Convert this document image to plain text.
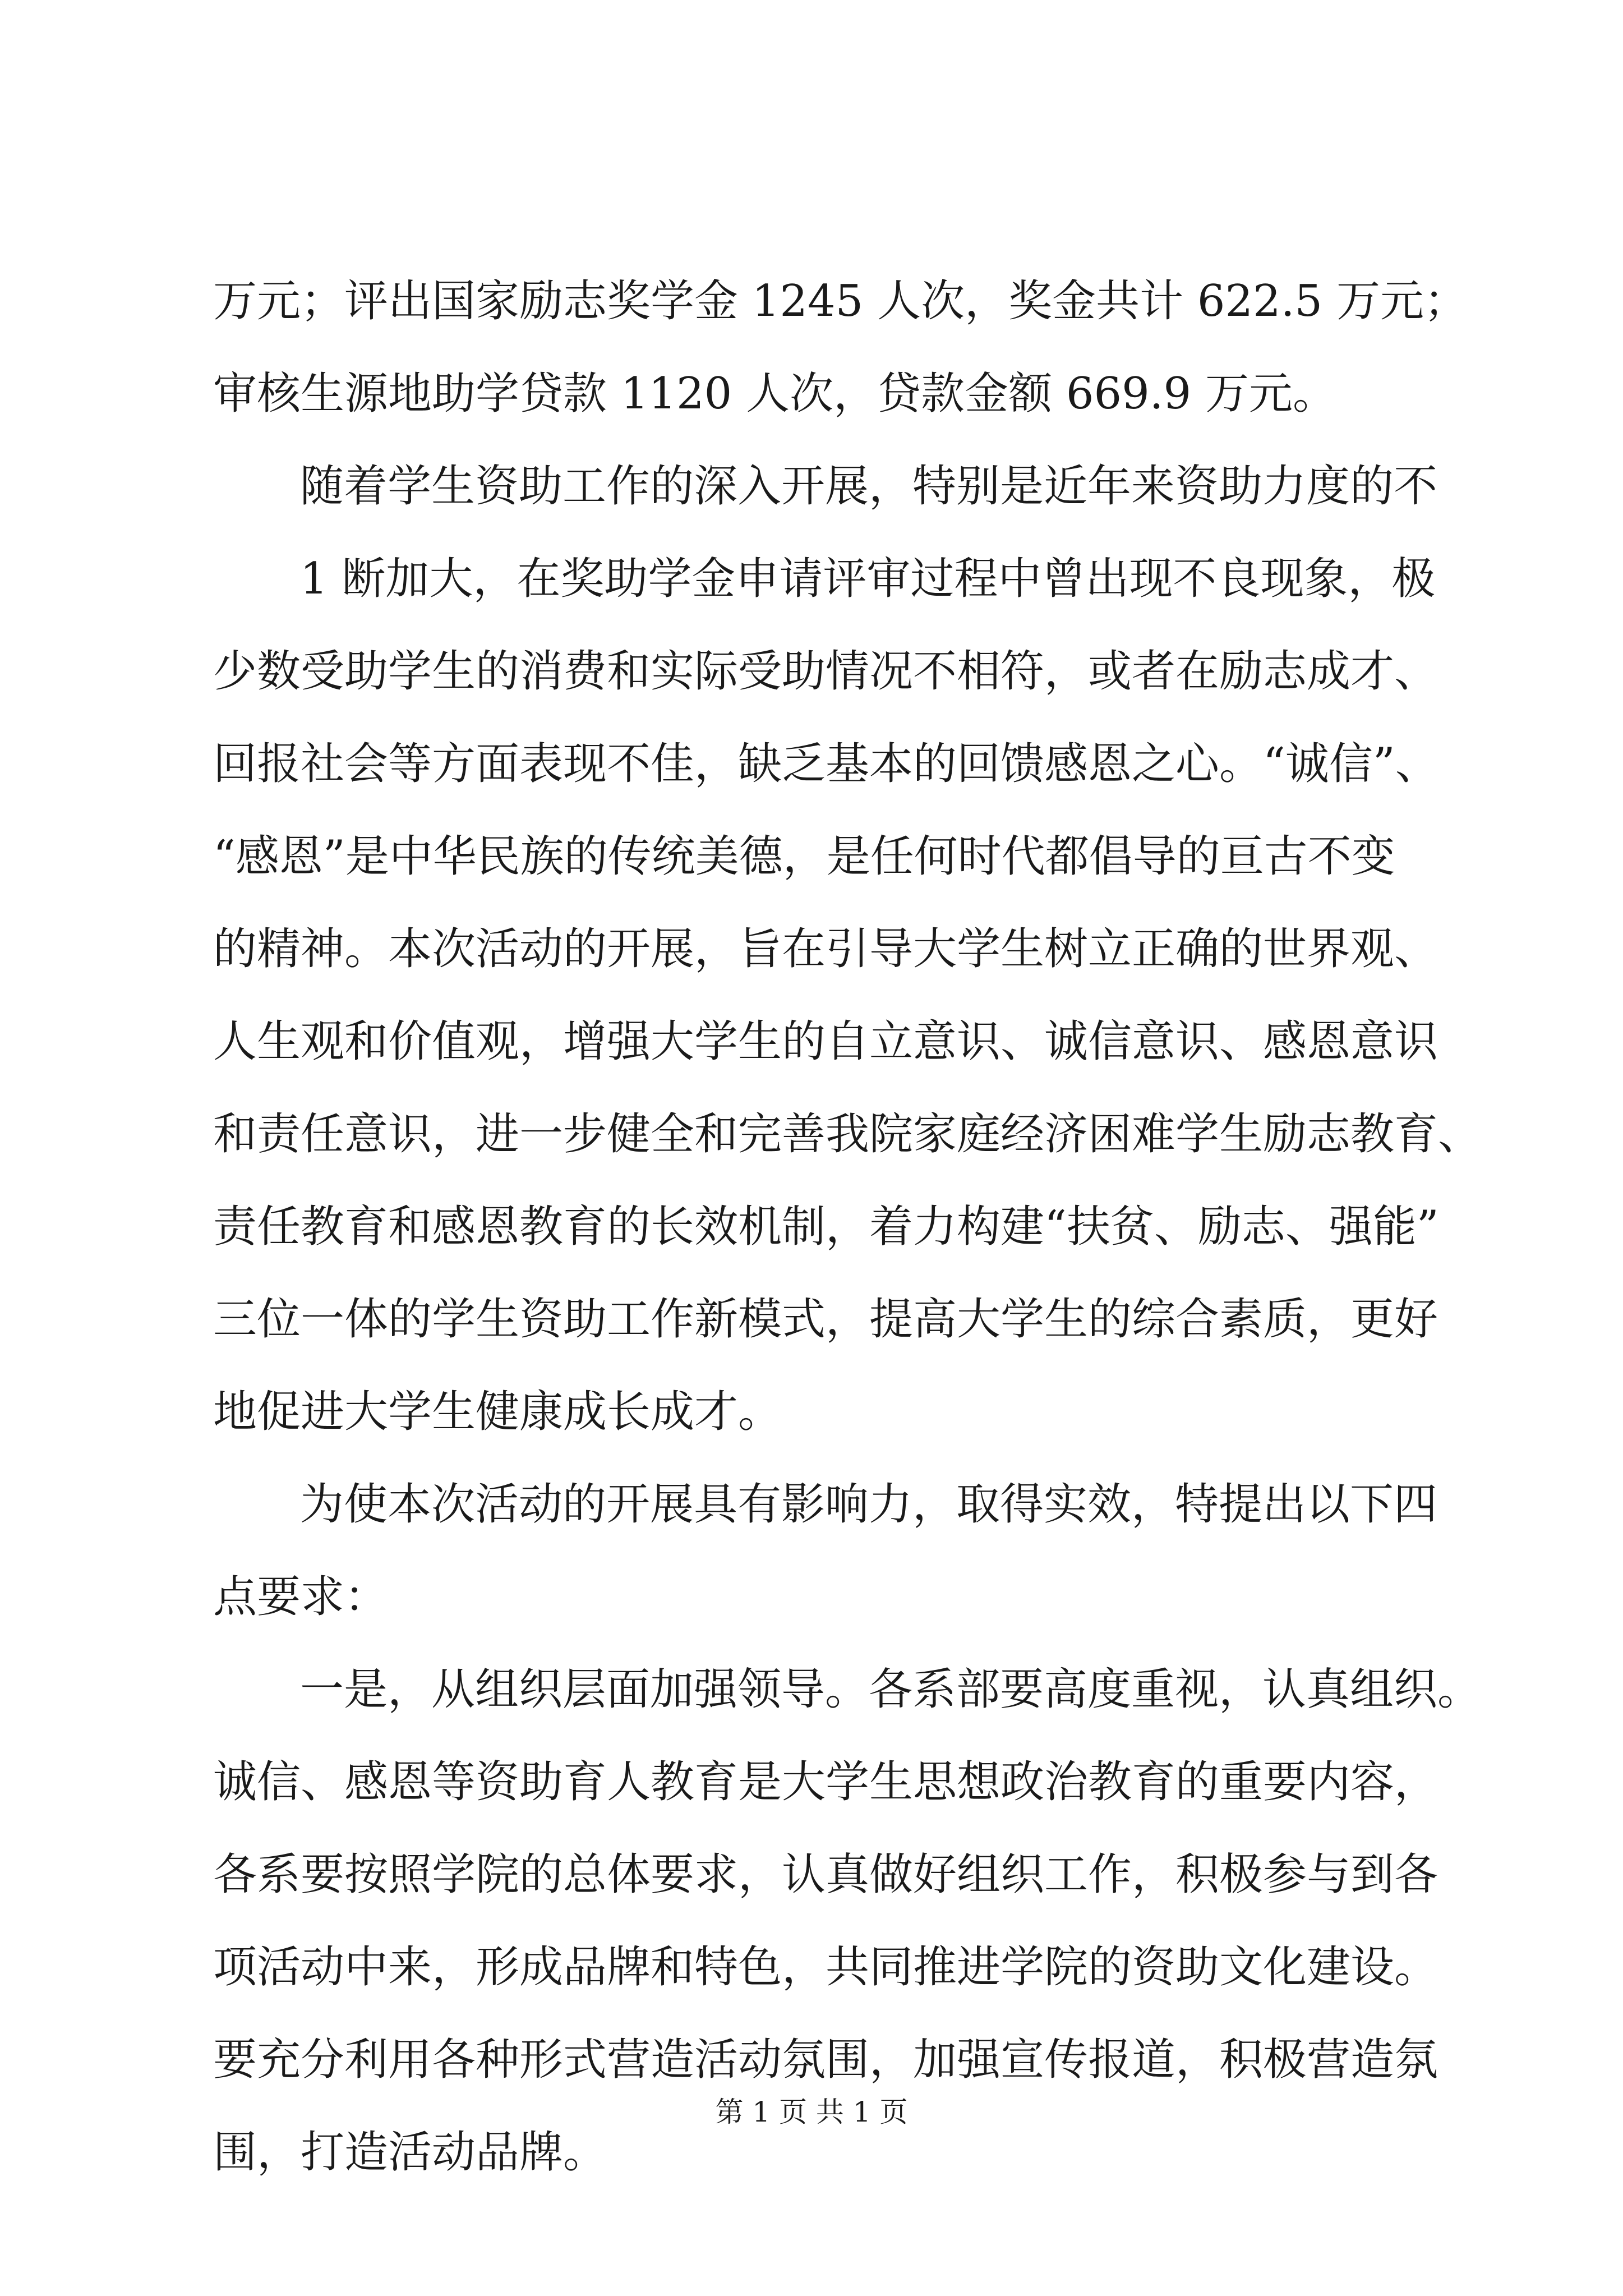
万元；评出国家励志奖学金 1245 人次，奖金共计 622.5 万元；
审核生源地助学贷款 1120 人次，贷款金额 669.9 万元。
随着学生资助工作的深入开展，特别是近年来资助力度的不
1 断加大，在奖助学金申请评审过程中曾出现不良现象，极
少数受助学生的消费和实际受助情况不相符，或者在励志成才、
回报社会等方面表现不佳，缺乏基本的回馈感恩之心。“诚信”、
“感恩”是中华民族的传统美德，是任何时代都倡导的亘古不变
的精神。本次活动的开展，旨在引导大学生树立正确的世界观、
人生观和价值观，增强大学生的自立意识、诚信意识、感恩意识
和责任意识，进一步健全和完善我院家庭经济困难学生励志教育、
责任教育和感恩教育的长效机制，着力构建“扶贫、励志、强能”
三位一体的学生资助工作新模式，提高大学生的综合素质，更好
地促进大学生健康成长成才。
为使本次活动的开展具有影响力，取得实效，特提出以下四
点要求：
一是，从组织层面加强领导。各系部要高度重视，认真组织。
诚信、感恩等资助育人教育是大学生思想政治教育的重要内容，
各系要按照学院的总体要求，认真做好组织工作，积极参与到各
项活动中来，形成品牌和特色，共同推进学院的资助文化建设。
要充分利用各种形式营造活动氛围，加强宣传报道，积极营造氛
围，打造活动品牌。
第 1 页 共 1 页
